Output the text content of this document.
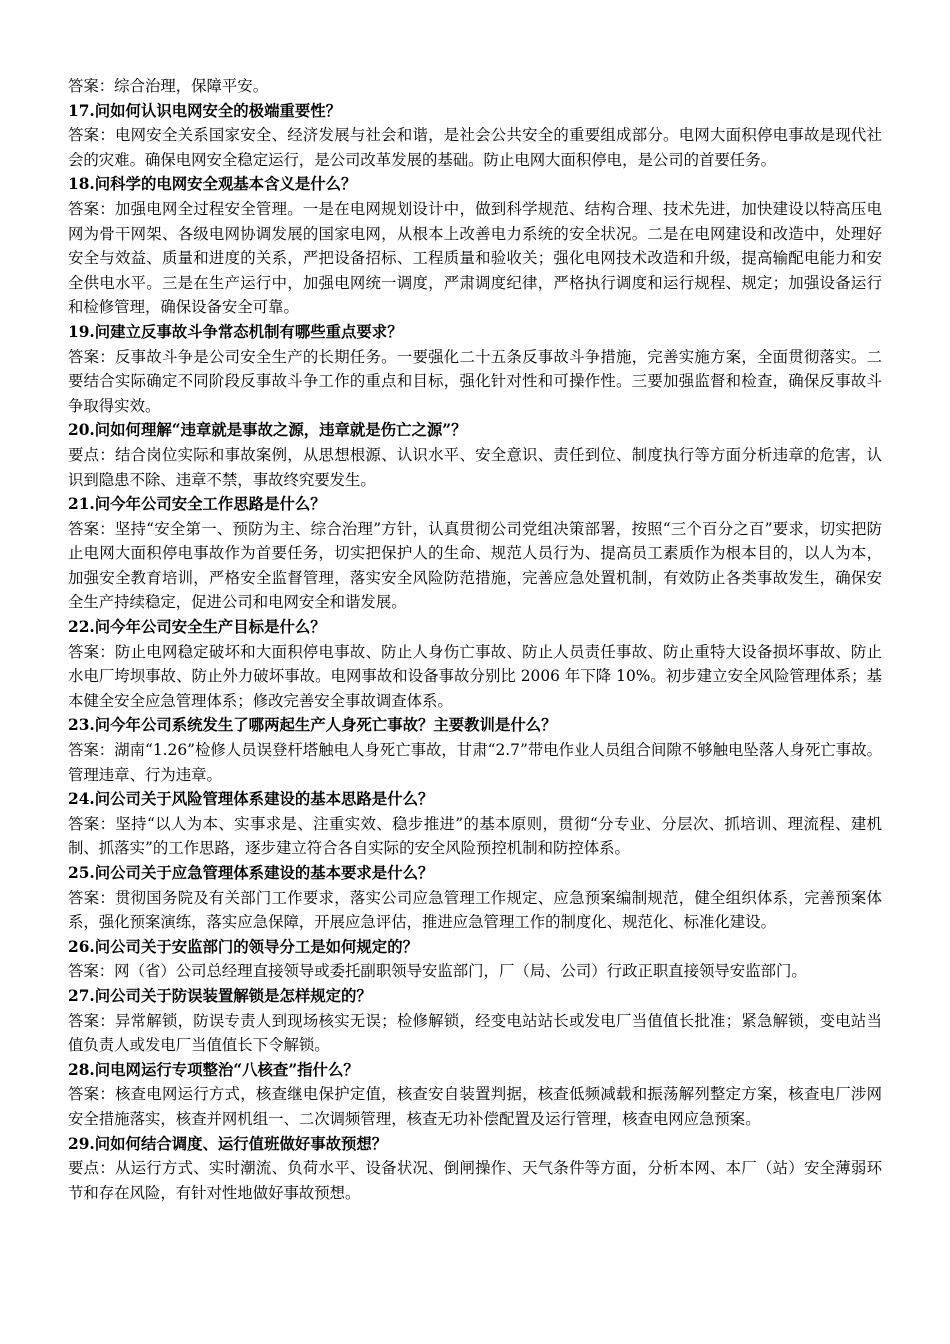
答案：综合治理，保障平安。

17.问如何认识电网安全的极端重要性？

答案：电网安全关系国家安全、经济发展与社会和谐，是社会公共安全的重要组成部分。电网大面积停电事故是现代社会的灾难。确保电网安全稳定运行，是公司改革发展的基础。防止电网大面积停电，是公司的首要任务。

18.问科学的电网安全观基本含义是什么？

答案：加强电网全过程安全管理。一是在电网规划设计中，做到科学规范、结构合理、技术先进，加快建设以特高压电网为骨干网架、各级电网协调发展的国家电网，从根本上改善电力系统的安全状况。二是在电网建设和改造中，处理好安全与效益、质量和进度的关系，严把设备招标、工程质量和验收关；强化电网技术改造和升级，提高输配电能力和安全供电水平。三是在生产运行中，加强电网统一调度，严肃调度纪律，严格执行调度和运行规程、规定；加强设备运行和检修管理，确保设备安全可靠。

19.问建立反事故斗争常态机制有哪些重点要求？

答案：反事故斗争是公司安全生产的长期任务。一要强化二十五条反事故斗争措施，完善实施方案，全面贯彻落实。二要结合实际确定不同阶段反事故斗争工作的重点和目标，强化针对性和可操作性。三要加强监督和检查，确保反事故斗争取得实效。

20.问如何理解“违章就是事故之源，违章就是伤亡之源”？

要点：结合岗位实际和事故案例，从思想根源、认识水平、安全意识、责任到位、制度执行等方面分析违章的危害，认识到隐患不除、违章不禁，事故终究要发生。

21.问今年公司安全工作思路是什么？

答案：坚持“安全第一、预防为主、综合治理”方针，认真贯彻公司党组决策部署，按照“三个百分之百”要求，切实把防止电网大面积停电事故作为首要任务，切实把保护人的生命、规范人员行为、提高员工素质作为根本目的，以人为本，加强安全教育培训，严格安全监督管理，落实安全风险防范措施，完善应急处置机制，有效防止各类事故发生，确保安全生产持续稳定，促进公司和电网安全和谐发展。

22.问今年公司安全生产目标是什么？

答案：防止电网稳定破坏和大面积停电事故、防止人身伤亡事故、防止人员责任事故、防止重特大设备损坏事故、防止水电厂垮坝事故、防止外力破坏事故。电网事故和设备事故分别比 2006 年下降 10%。初步建立安全风险管理体系；基本健全安全应急管理体系；修改完善安全事故调查体系。

23.问今年公司系统发生了哪两起生产人身死亡事故？主要教训是什么？

答案：湖南“1.26”检修人员误登杆塔触电人身死亡事故，甘肃“2.7”带电作业人员组合间隙不够触电坠落人身死亡事故。管理违章、行为违章。

24.问公司关于风险管理体系建设的基本思路是什么？

答案：坚持“以人为本、实事求是、注重实效、稳步推进”的基本原则，贯彻“分专业、分层次、抓培训、理流程、建机制、抓落实”的工作思路，逐步建立符合各自实际的安全风险预控机制和防控体系。

25.问公司关于应急管理体系建设的基本要求是什么？

答案：贯彻国务院及有关部门工作要求，落实公司应急管理工作规定、应急预案编制规范，健全组织体系，完善预案体系，强化预案演练，落实应急保障，开展应急评估，推进应急管理工作的制度化、规范化、标准化建设。

26.问公司关于安监部门的领导分工是如何规定的？

答案：网（省）公司总经理直接领导或委托副职领导安监部门，厂（局、公司）行政正职直接领导安监部门。

27.问公司关于防误装置解锁是怎样规定的？

答案：异常解锁，防误专责人到现场核实无误；检修解锁，经变电站站长或发电厂当值值长批准；紧急解锁，变电站当值负责人或发电厂当值值长下令解锁。

28.问电网运行专项整治“八核查”指什么？

答案：核查电网运行方式，核查继电保护定值，核查安自装置判据，核查低频减载和振荡解列整定方案，核查电厂涉网安全措施落实，核查并网机组一、二次调频管理，核查无功补偿配置及运行管理，核查电网应急预案。

29.问如何结合调度、运行值班做好事故预想？

要点：从运行方式、实时潮流、负荷水平、设备状况、倒闸操作、天气条件等方面，分析本网、本厂（站）安全薄弱环节和存在风险，有针对性地做好事故预想。
